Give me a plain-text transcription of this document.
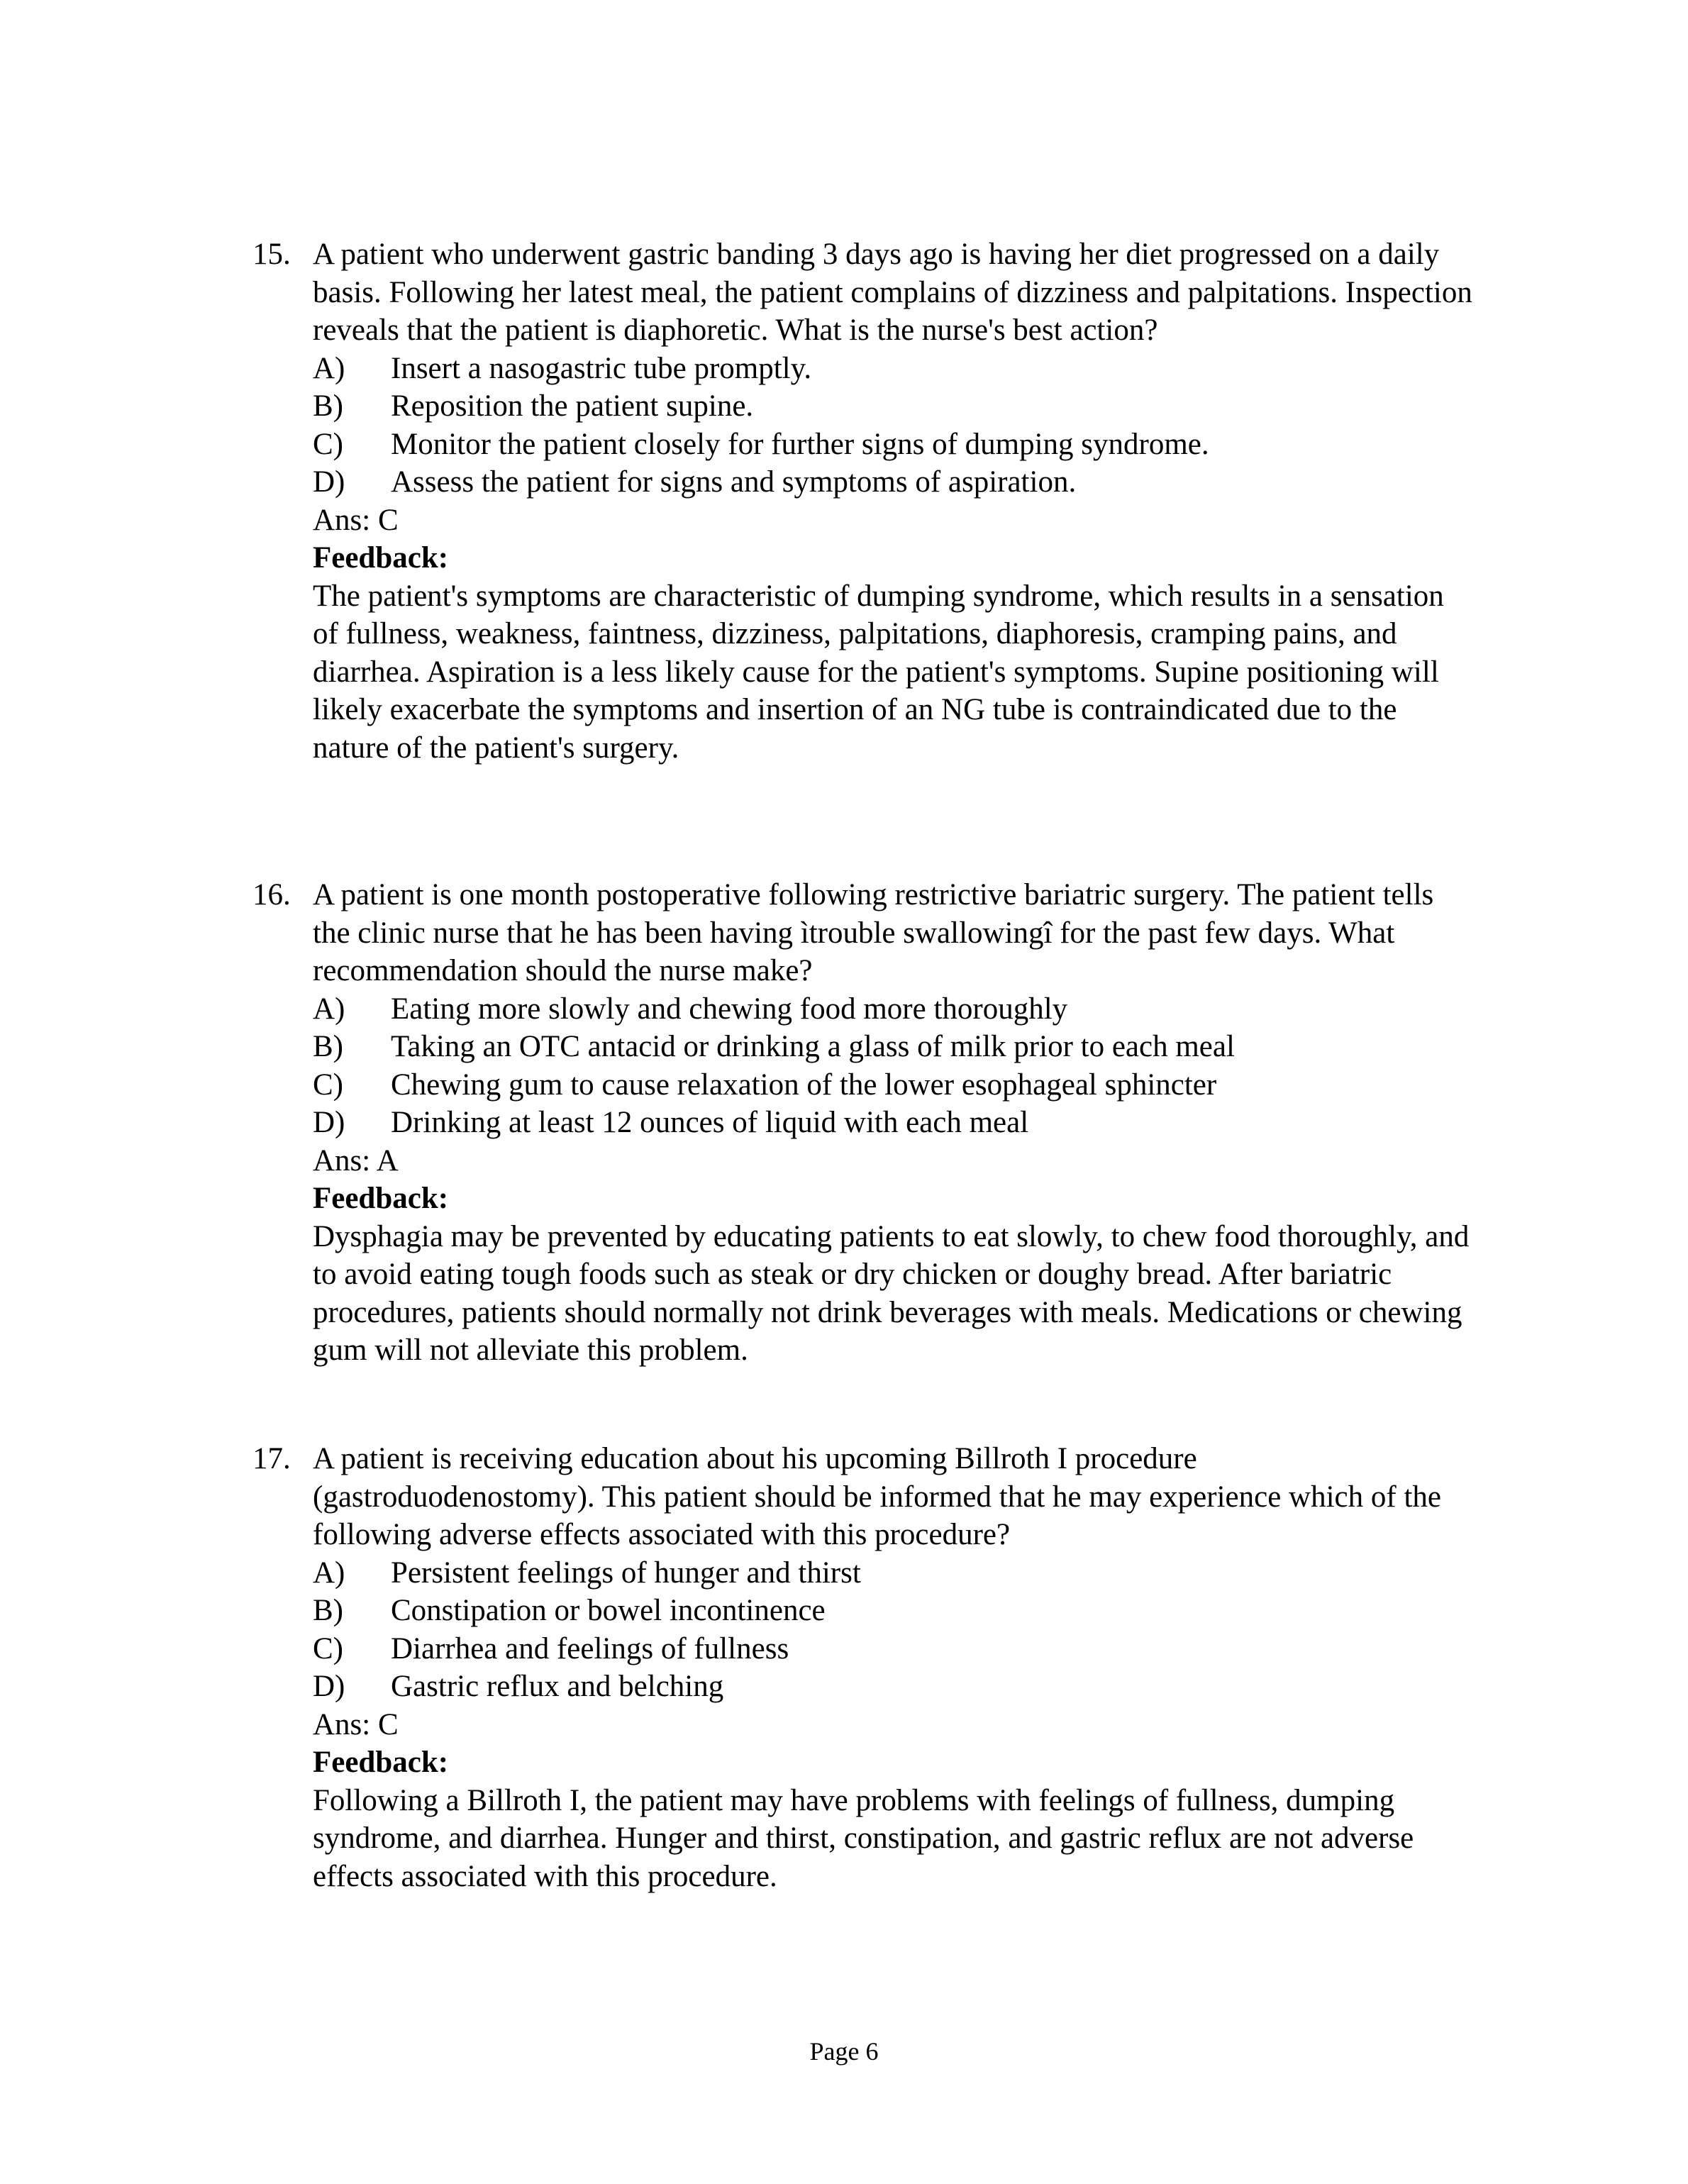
15. A patient who underwent gastric banding 3 days ago is having her diet progressed on a daily basis. Following her latest meal, the patient complains of dizziness and palpitations. Inspection reveals that the patient is diaphoretic. What is the nurse's best action?

A)	Insert a nasogastric tube promptly.
B)	Reposition the patient supine.
C)	Monitor the patient closely for further signs of dumping syndrome.
D)	Assess the patient for signs and symptoms of aspiration.

Ans: C

Feedback:

The patient's symptoms are characteristic of dumping syndrome, which results in a sensation of fullness, weakness, faintness, dizziness, palpitations, diaphoresis, cramping pains, and diarrhea. Aspiration is a less likely cause for the patient's symptoms. Supine positioning will likely exacerbate the symptoms and insertion of an NG tube is contraindicated due to the nature of the patient's surgery.

16. A patient is one month postoperative following restrictive bariatric surgery. The patient tells the clinic nurse that he has been having ìtrouble swallowingî for the past few days. What recommendation should the nurse make?

A)	Eating more slowly and chewing food more thoroughly
B)	Taking an OTC antacid or drinking a glass of milk prior to each meal
C)	Chewing gum to cause relaxation of the lower esophageal sphincter
D)	Drinking at least 12 ounces of liquid with each meal

Ans: A

Feedback:

Dysphagia may be prevented by educating patients to eat slowly, to chew food thoroughly, and to avoid eating tough foods such as steak or dry chicken or doughy bread. After bariatric procedures, patients should normally not drink beverages with meals. Medications or chewing gum will not alleviate this problem.

17. A patient is receiving education about his upcoming Billroth I procedure (gastroduodenostomy). This patient should be informed that he may experience which of the following adverse effects associated with this procedure?

A)	Persistent feelings of hunger and thirst
B)	Constipation or bowel incontinence
C)	Diarrhea and feelings of fullness
D)	Gastric reflux and belching

Ans: C

Feedback:

Following a Billroth I, the patient may have problems with feelings of fullness, dumping syndrome, and diarrhea. Hunger and thirst, constipation, and gastric reflux are not adverse effects associated with this procedure.

Page 6
